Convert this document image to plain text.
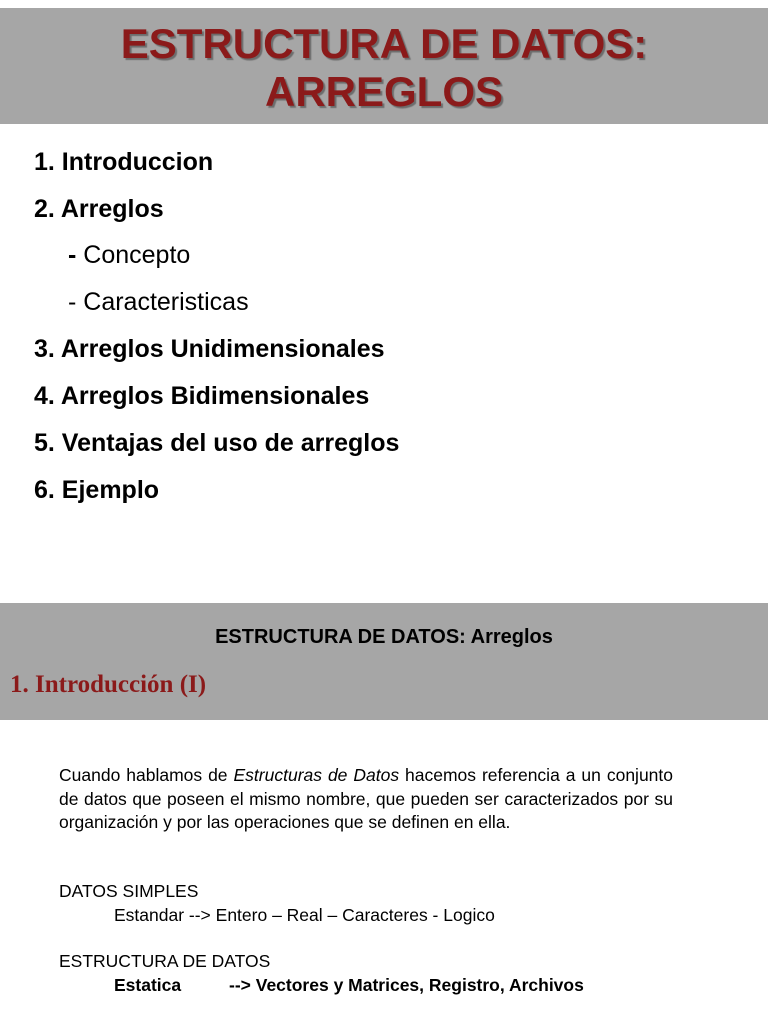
ESTRUCTURA DE DATOS:
ARREGLOS
1. Introduccion
2. Arreglos
- Concepto
- Caracteristicas
3. Arreglos Unidimensionales
4. Arreglos Bidimensionales
5. Ventajas del uso de arreglos
6. Ejemplo

ESTRUCTURA DE DATOS: Arreglos

1. Introducción (I)

Cuando hablamos de Estructuras de Datos hacemos referencia a un conjunto de datos que poseen el mismo nombre, que pueden ser caracterizados por su organización y por las operaciones que se definen en ella.

DATOS SIMPLES
Estandar --> Entero – Real – Caracteres - Logico
ESTRUCTURA DE DATOS
Estatica	--> Vectores y Matrices, Registro, Archivos
